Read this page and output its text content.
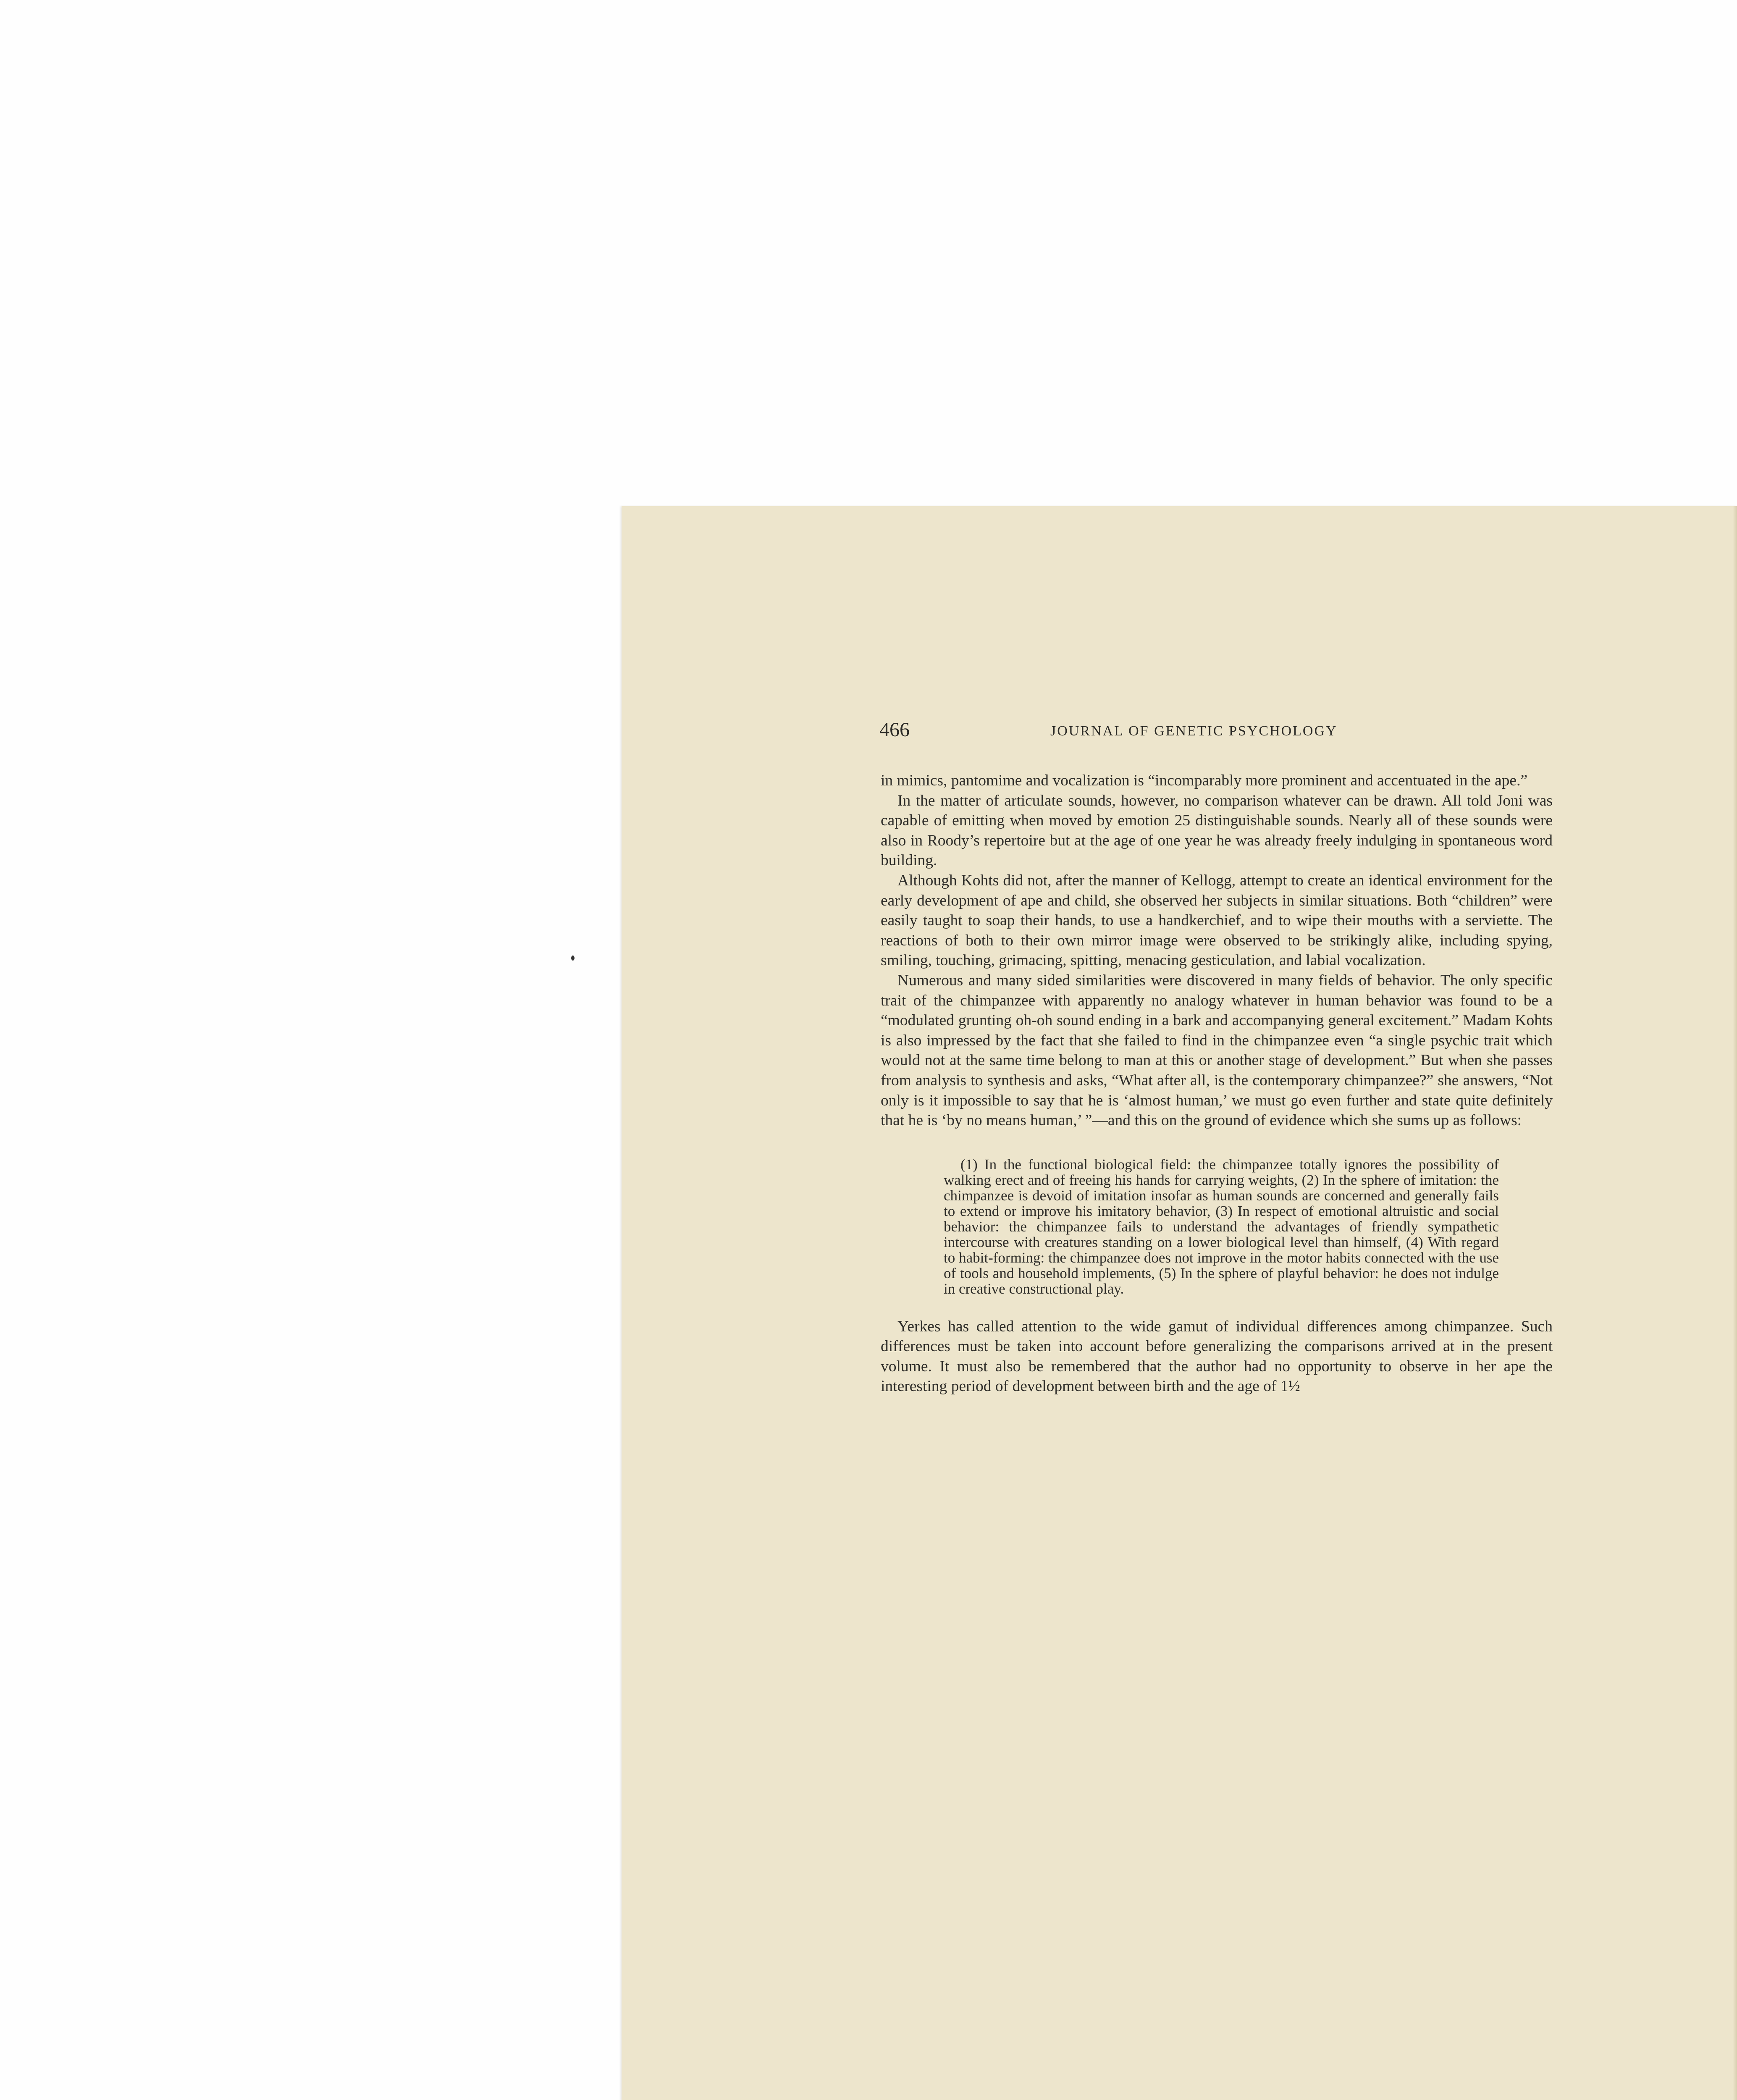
466	JOURNAL OF GENETIC PSYCHOLOGY

in mimics, pantomime and vocalization is “incomparably more prominent and accentuated in the ape.”

In the matter of articulate sounds, however, no comparison whatever can be drawn. All told Joni was capable of emitting when moved by emotion 25 distinguishable sounds. Nearly all of these sounds were also in Roody’s repertoire but at the age of one year he was already freely indulging in spontaneous word building.

Although Kohts did not, after the manner of Kellogg, attempt to create an identical environment for the early development of ape and child, she observed her subjects in similar situations. Both “children” were easily taught to soap their hands, to use a handkerchief, and to wipe their mouths with a serviette. The reactions of both to their own mirror image were observed to be strikingly alike, including spying, smiling, touching, grimacing, spitting, menacing gesticulation, and labial vocalization.

Numerous and many sided similarities were discovered in many fields of behavior. The only specific trait of the chimpanzee with apparently no analogy whatever in human behavior was found to be a “modulated grunting oh-oh sound ending in a bark and accompanying general excitement.” Madam Kohts is also impressed by the fact that she failed to find in the chimpanzee even “a single psychic trait which would not at the same time belong to man at this or another stage of development.” But when she passes from analysis to synthesis and asks, “What after all, is the contemporary chimpanzee?” she answers, “Not only is it impossible to say that he is ‘almost human,’ we must go even further and state quite definitely that he is ‘by no means human,’ ”—and this on the ground of evidence which she sums up as follows:

(1) In the functional biological field: the chimpanzee totally ignores the possibility of walking erect and of freeing his hands for carrying weights, (2) In the sphere of imitation: the chimpanzee is devoid of imitation insofar as human sounds are concerned and generally fails to extend or improve his imitatory behavior, (3) In respect of emotional altruistic and social behavior: the chimpanzee fails to understand the advantages of friendly sympathetic intercourse with creatures standing on a lower biological level than himself, (4) With regard to habit-forming: the chimpanzee does not improve in the motor habits connected with the use of tools and household implements, (5) In the sphere of playful behavior: he does not indulge in creative constructional play.

Yerkes has called attention to the wide gamut of individual differences among chimpanzee. Such differences must be taken into account before generalizing the comparisons arrived at in the present volume. It must also be remembered that the author had no opportunity to observe in her ape the interesting period of development between birth and the age of 1½
